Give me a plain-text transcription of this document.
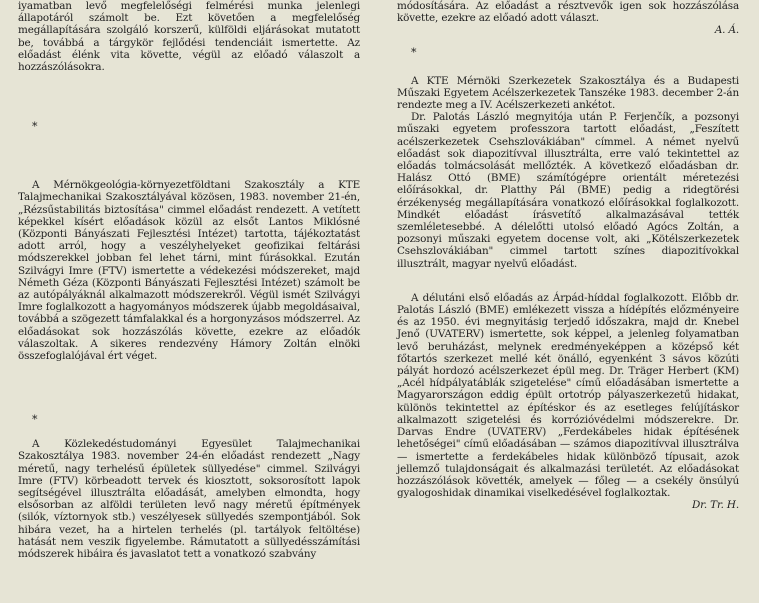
iyamatban levő megfelelőségi felmérési munka jelenlegi állapotáról számolt be. Ezt követően a megfelelőség megállapítására szolgáló korszerű, külföldi eljárásokat mutatott be, továbbá a tárgykör fejlődési tendenciáit ismertette. Az előadást élénk vita követte, végül az előadó válaszolt a hozzászólásokra.

*

A Mérnökgeológia-környezetföldtani Szakosztály a KTE Talajmechanikai Szakosztályával közösen, 1983. november 21-én, „Rézsűstabilitás biztosítása" cimmel előadást rendezett. A vetített képekkel kísért előadások közül az elsőt Lantos Miklósné (Központi Bányászati Fejlesztési Intézet) tartotta, tájékoztatást adott arról, hogy a veszélyhelyeket geofizikai feltárási módszerekkel jobban fel lehet tárni, mint fúrásokkal. Ezután Szilvágyi Imre (FTV) ismertette a védekezési módszereket, majd Németh Géza (Központi Bányászati Fejlesztési Intézet) számolt be az autópályáknál alkalmazott módszerekről. Végül ismét Szilvágyi Imre foglalkozott a hagyományos módszerek újabb megoldásaival, továbbá a szögezett támfalakkal és a horgonyzásos módszerrel. Az előadásokat sok hozzászólás követte, ezekre az előadók válaszoltak. A sikeres rendezvény Hámory Zoltán elnöki összefoglalójával ért véget.

*

A Közlekedéstudományi Egyesület Talajmechanikai Szakosztálya 1983. november 24-én előadást rendezett „Nagy méretű, nagy terhelésű épületek süllyedése" cimmel. Szilvágyi Imre (FTV) körbeadott tervek és kiosztott, soksorosított lapok segítségével illusztrálta előadását, amelyben elmondta, hogy elsősorban az alföldi területen levő nagy méretű építmények (silók, víztornyok stb.) veszélyesek süllyedés szempontjából. Sok hibára vezet, ha a hirtelen terhelés (pl. tartályok feltöltése) hatását nem veszik figyelembe. Rámutatott a süllyedésszámítási módszerek hibáira és javaslatot tett a vonatkozó szabvány

módosítására. Az előadást a résztvevők igen sok hozzászólása követte, ezekre az előadó adott választ.

A. Á.

*

A KTE Mérnöki Szerkezetek Szakosztálya és a Budapesti Műszaki Egyetem Acélszerkezetek Tanszéke 1983. december 2-án rendezte meg a IV. Acélszerkezeti ankétot.

Dr. Palotás László megnyitója után P. Ferjenčík, a pozsonyi műszaki egyetem professzora tartott előadást, „Feszített acélszerkezetek Csehszlovákiában" címmel. A német nyelvű előadást sok diapozitívval illusztrálta, erre való tekintettel az előadás tolmácsolását mellőzték. A következő előadásban dr. Halász Ottó (BME) számítógépre orientált méretezési előírásokkal, dr. Platthy Pál (BME) pedig a ridegtörési érzékenység megállapítására vonatkozó előírásokkal foglalkozott. Mindkét előadást írásvetítő alkalmazásával tették szemléletesebbé. A délelőtti utolsó előadó Agócs Zoltán, a pozsonyi műszaki egyetem docense volt, aki „Kötélszerkezetek Csehszlovákiában" cimmel tartott színes diapozitívokkal illusztrált, magyar nyelvű előadást.

A délutáni első előadás az Árpád-híddal foglalkozott. Előbb dr. Palotás László (BME) emlékezett vissza a hídépítés előzményeire és az 1950. évi megnyitásig terjedő időszakra, majd dr. Knebel Jenő (UVATERV) ismertette, sok képpel, a jelenleg folyamatban levő beruházást, melynek eredményeképpen a középső két főtartós szerkezet mellé két önálló, egyenként 3 sávos közúti pályát hordozó acélszerkezet épül meg. Dr. Träger Herbert (KM) „Acél hídpályatáblák szigetelése" című előadásában ismertette a Magyarországon eddig épült ortotróp pályaszerkezetű hidakat, különös tekintettel az építéskor és az esetleges felújításkor alkalmazott szigetelési és korrózióvédelmi módszerekre. Dr. Darvas Endre (UVATERV) „Ferdekábeles hidak építésének lehetőségei" című előadásában — számos diapozitívval illusztrálva — ismertette a ferdekábeles hidak különböző típusait, azok jellemző tulajdonságait és alkalmazási területét. Az előadásokat hozzászólások követték, amelyek — főleg — a csekély önsúlyú gyalogoshidak dinamikai viselkedésével foglalkoztak.

Dr. Tr. H.
